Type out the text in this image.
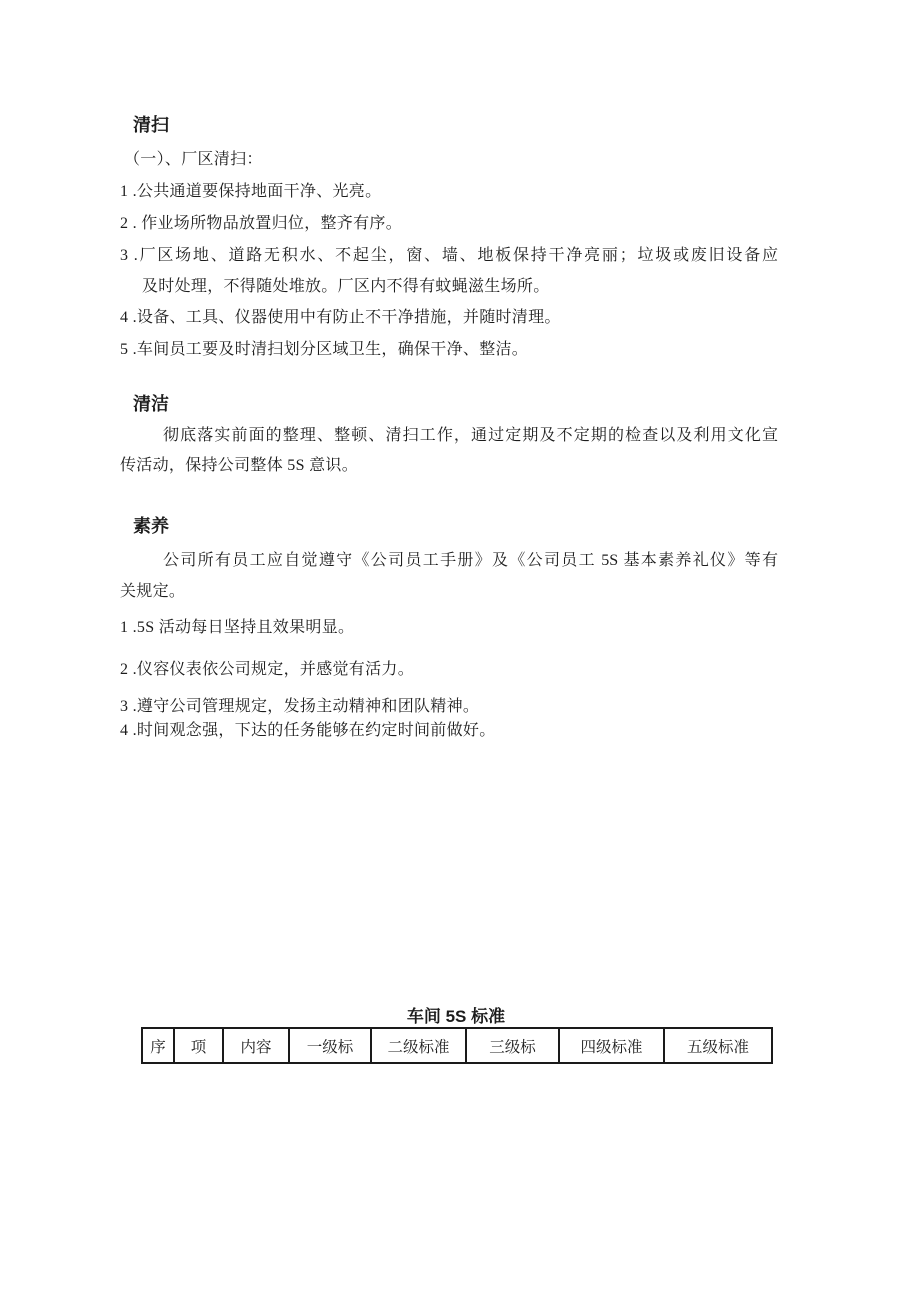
清扫
（一）、厂区清扫：
1 .公共通道要保持地面干净、光亮。
2 . 作业场所物品放置归位，整齐有序。
3 .厂区场地、道路无积水、不起尘，窗、墙、地板保持干净亮丽；垃圾或废旧设备应
及时处理，不得随处堆放。厂区内不得有蚊蝇滋生场所。
4 .设备、工具、仪器使用中有防止不干净措施，并随时清理。
5 .车间员工要及时清扫划分区域卫生，确保干净、整洁。
清洁
彻底落实前面的整理、整顿、清扫工作，通过定期及不定期的检查以及利用文化宣
传活动，保持公司整体 5S 意识。
素养
公司所有员工应自觉遵守《公司员工手册》及《公司员工 5S 基本素养礼仪》等有
关规定。
1 .5S 活动每日坚持且效果明显。
2 .仪容仪表依公司规定，并感觉有活力。
3 .遵守公司管理规定，发扬主动精神和团队精神。
4 .时间观念强，下达的任务能够在约定时间前做好。
车间 5S 标准
序	项	内容	一级标	二级标准	三级标	四级标准	五级标准
